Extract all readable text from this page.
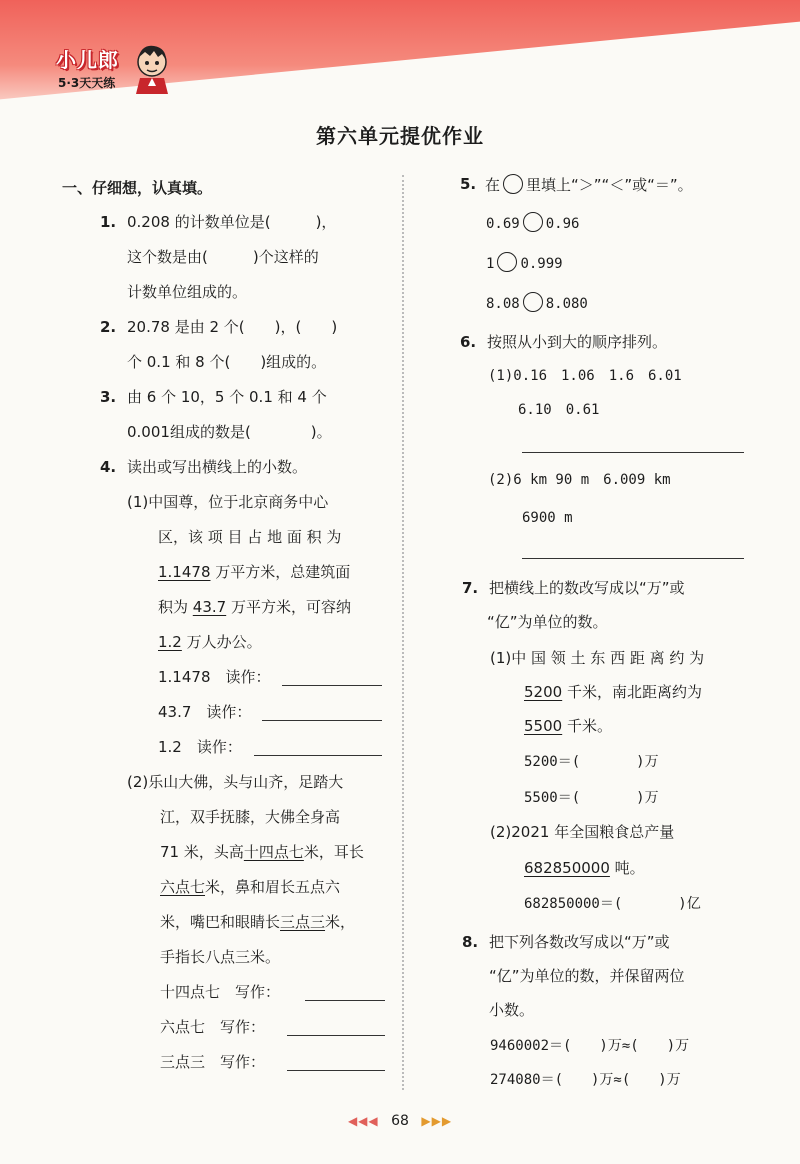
小儿郎
5·3天天练
第六单元提优作业
一、仔细想，认真填。
1. 0.208 的计数单位是(　　　)，
这个数是由(　　　)个这样的
计数单位组成的。
2. 20.78 是由 2 个(　　)，(　　)
个 0.1 和 8 个(　　)组成的。
3. 由 6 个 10，5 个 0.1 和 4 个
0.001组成的数是(　　　　)。
4. 读出或写出横线上的小数。
(1)中国尊，位于北京商务中心
区，该 项 目 占 地 面 积 为
1.1478 万平方米，总建筑面
积为 43.7 万平方米，可容纳
1.2 万人办公。
1.1478　读作：
43.7　读作：
1.2　读作：
(2)乐山大佛，头与山齐，足踏大
江，双手抚膝，大佛全身高
71 米，头高十四点七米，耳长
六点七米，鼻和眉长五点六
米，嘴巴和眼睛长三点三米，
手指长八点三米。
十四点七　写作：
六点七　写作：
三点三　写作：
5. 在 里填上“＞”“＜”或“＝”。
0.69 0.96
1 0.999
8.08 8.080
6. 按照从小到大的顺序排列。
(1)0.16　1.06　1.6　6.01
6.10　0.61
(2)6 km 90 m　6.009 km
6900 m
7. 把横线上的数改写成以“万”或
“亿”为单位的数。
(1)中 国 领 土 东 西 距 离 约 为
5200 千米，南北距离约为
5500 千米。
5200＝(　　　　)万
5500＝(　　　　)万
(2)2021 年全国粮食总产量
682850000 吨。
682850000＝(　　　　)亿
8. 把下列各数改写成以“万”或
“亿”为单位的数，并保留两位
小数。
9460002＝(　　)万≈(　　)万
274080＝(　　)万≈(　　)万
◀◀◀ 68 ▶▶▶
